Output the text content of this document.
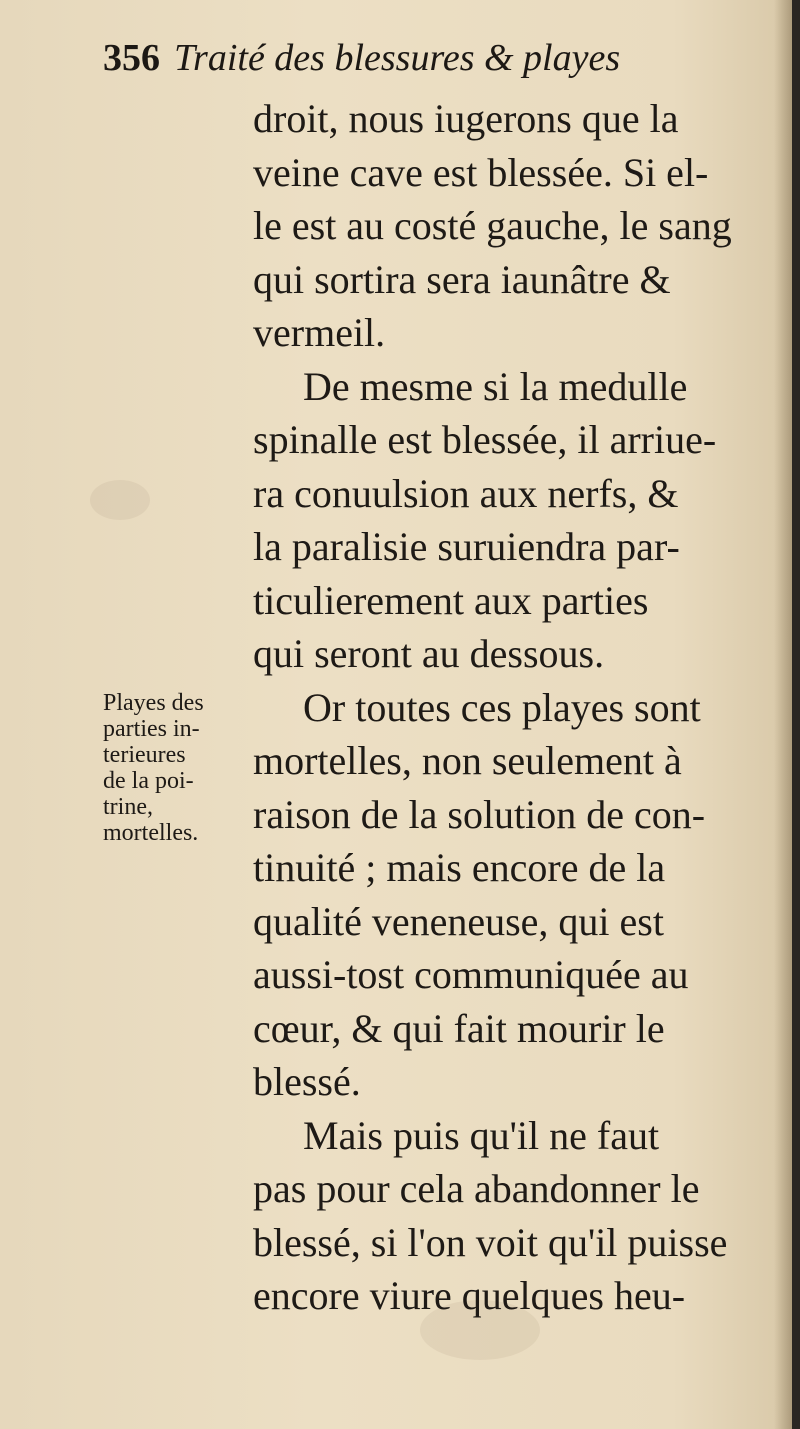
356 Traité des blessures & playes
droit, nous iugerons que la
veine cave est blessée. Si el-
le est au costé gauche, le sang
qui sortira sera iaunâtre &
vermeil.
De mesme si la medulle
spinalle est blessée, il arriue-
ra conuulsion aux nerfs, &
la paralisie suruiendra par-
ticulierement aux parties
qui seront au dessous.
Or toutes ces playes sont
mortelles, non seulement à
raison de la solution de con-
tinuité ; mais encore de la
qualité veneneuse, qui est
aussi-tost communiquée au
cœur, & qui fait mourir le
blessé.
Mais puis qu'il ne faut
pas pour cela abandonner le
blessé, si l'on voit qu'il puisse
encore viure quelques heu-
Playes des
parties in-
terieures
de la poi-
trine,
mortelles.
